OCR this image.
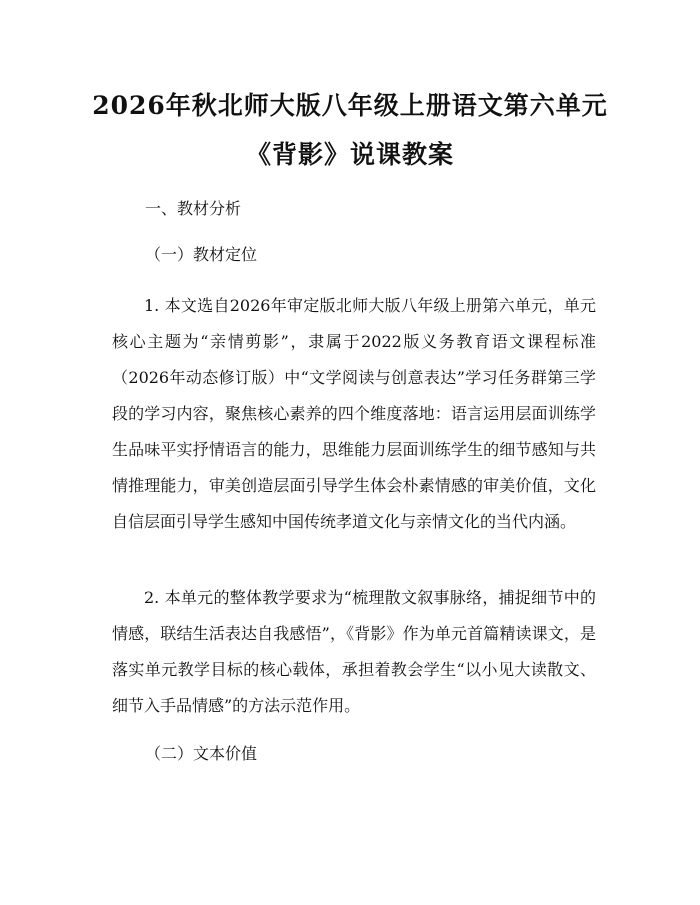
2026年秋北师大版八年级上册语文第六单元
《背影》说课教案
一、教材分析
（一）教材定位

1. 本文选自2026年审定版北师大版八年级上册第六单元，单元核心主题为“亲情剪影”，隶属于2022版义务教育语文课程标准（2026年动态修订版）中“文学阅读与创意表达”学习任务群第三学段的学习内容，聚焦核心素养的四个维度落地：语言运用层面训练学生品味平实抒情语言的能力，思维能力层面训练学生的细节感知与共情推理能力，审美创造层面引导学生体会朴素情感的审美价值，文化自信层面引导学生感知中国传统孝道文化与亲情文化的当代内涵。

2. 本单元的整体教学要求为“梳理散文叙事脉络，捕捉细节中的情感，联结生活表达自我感悟”，《背影》作为单元首篇精读课文，是落实单元教学目标的核心载体，承担着教会学生“以小见大读散文、细节入手品情感”的方法示范作用。

（二）文本价值
